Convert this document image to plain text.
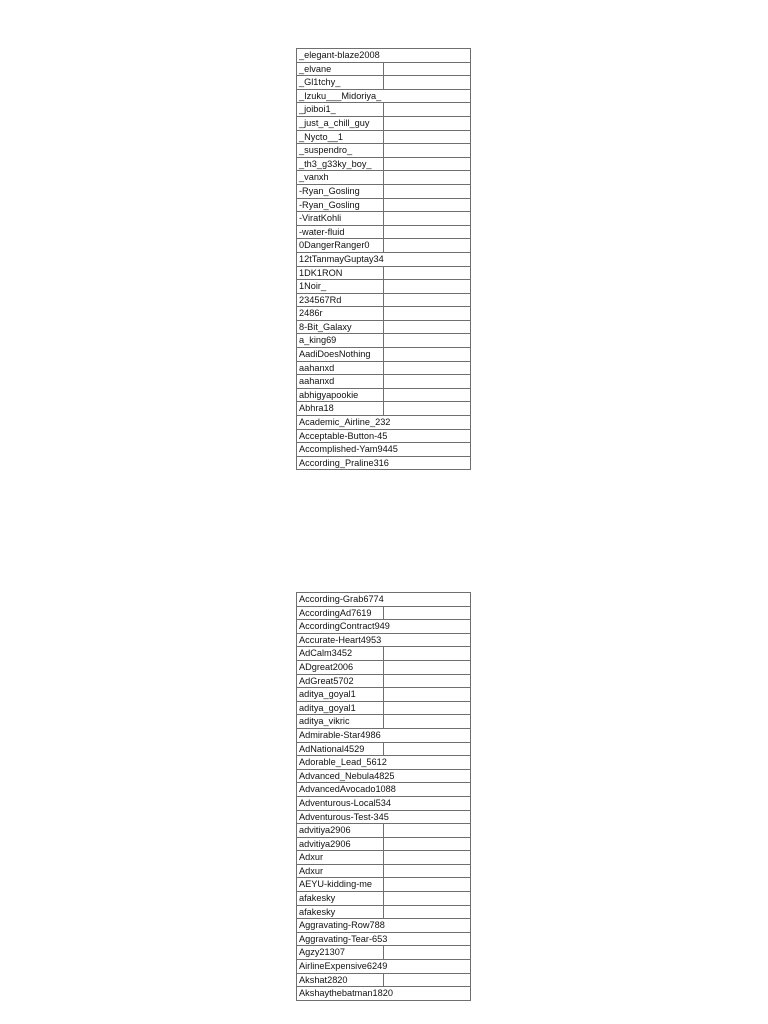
_elegant-blaze2008	
_elvane	
_Gl1tchy_	
_Izuku___Midoriya_	
_joiboi1_	
_just_a_chill_guy	
_Nycto__1	
_suspendro_	
_th3_g33ky_boy_	
_vanxh	
-Ryan_Gosling	
-Ryan_Gosling	
-ViratKohli	
-water-fluid	
0DangerRanger0	
12tTanmayGuptay34	
1DK1RON	
1Noir_	
234567Rd	
2486r	
8-Bit_Galaxy	
a_king69	
AadiDoesNothing	
aahanxd	
aahanxd	
abhigyapookie	
Abhra18	
Academic_Airline_232	
Acceptable-Button-45	
Accomplished-Yam9445	
According_Praline316	
According-Grab6774	
AccordingAd7619	
AccordingContract949	
Accurate-Heart4953	
AdCalm3452	
ADgreat2006	
AdGreat5702	
aditya_goyal1	
aditya_goyal1	
aditya_vikric	
Admirable-Star4986	
AdNational4529	
Adorable_Lead_5612	
Advanced_Nebula4825	
AdvancedAvocado1088	
Adventurous-Local534	
Adventurous-Test-345	
advitiya2906	
advitiya2906	
Adxur	
Adxur	
AEYU-kidding-me	
afakesky	
afakesky	
Aggravating-Row788	
Aggravating-Tear-653	
Agzy21307	
AirlineExpensive6249	
Akshat2820	
Akshaythebatman1820	
